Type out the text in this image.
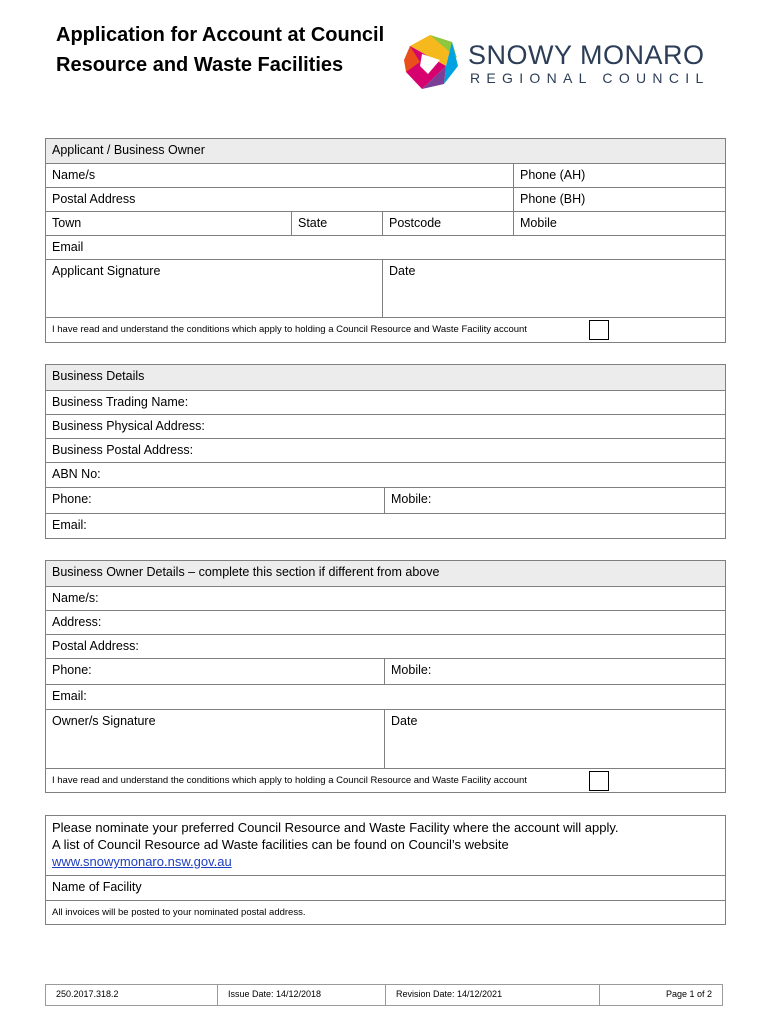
Application for Account at Council Resource and Waste Facilities	SNOWY MONARO
REGIONAL COUNCIL
Applicant / Business Owner			
Name/s			Phone (AH)
Postal Address			Phone (BH)
Town	State	Postcode	Mobile
Email			
Applicant Signature		Date	
I have read and understand the conditions which apply to holding a Council Resource and Waste Facility account			
Business Details
Business Trading Name:
Business Physical Address:
Business Postal Address:
ABN No:
Phone:	Mobile:
Email:
Business Owner Details – complete this section if different from above	
Name/s:	
Address:	
Postal Address:	
Phone:	Mobile:
Email:	
Owner/s Signature	Date
I have read and understand the conditions which apply to holding a Council Resource and Waste Facility account	
Please nominate your preferred Council Resource and Waste Facility where the account will apply.
A list of Council Resource ad Waste facilities can be found on Council’s website
www.snowymonaro.nsw.gov.au
Name of Facility
All invoices will be posted to your nominated postal address.
250.2017.318.2	Issue Date: 14/12/2018	Revision Date: 14/12/2021	Page 1 of 2
